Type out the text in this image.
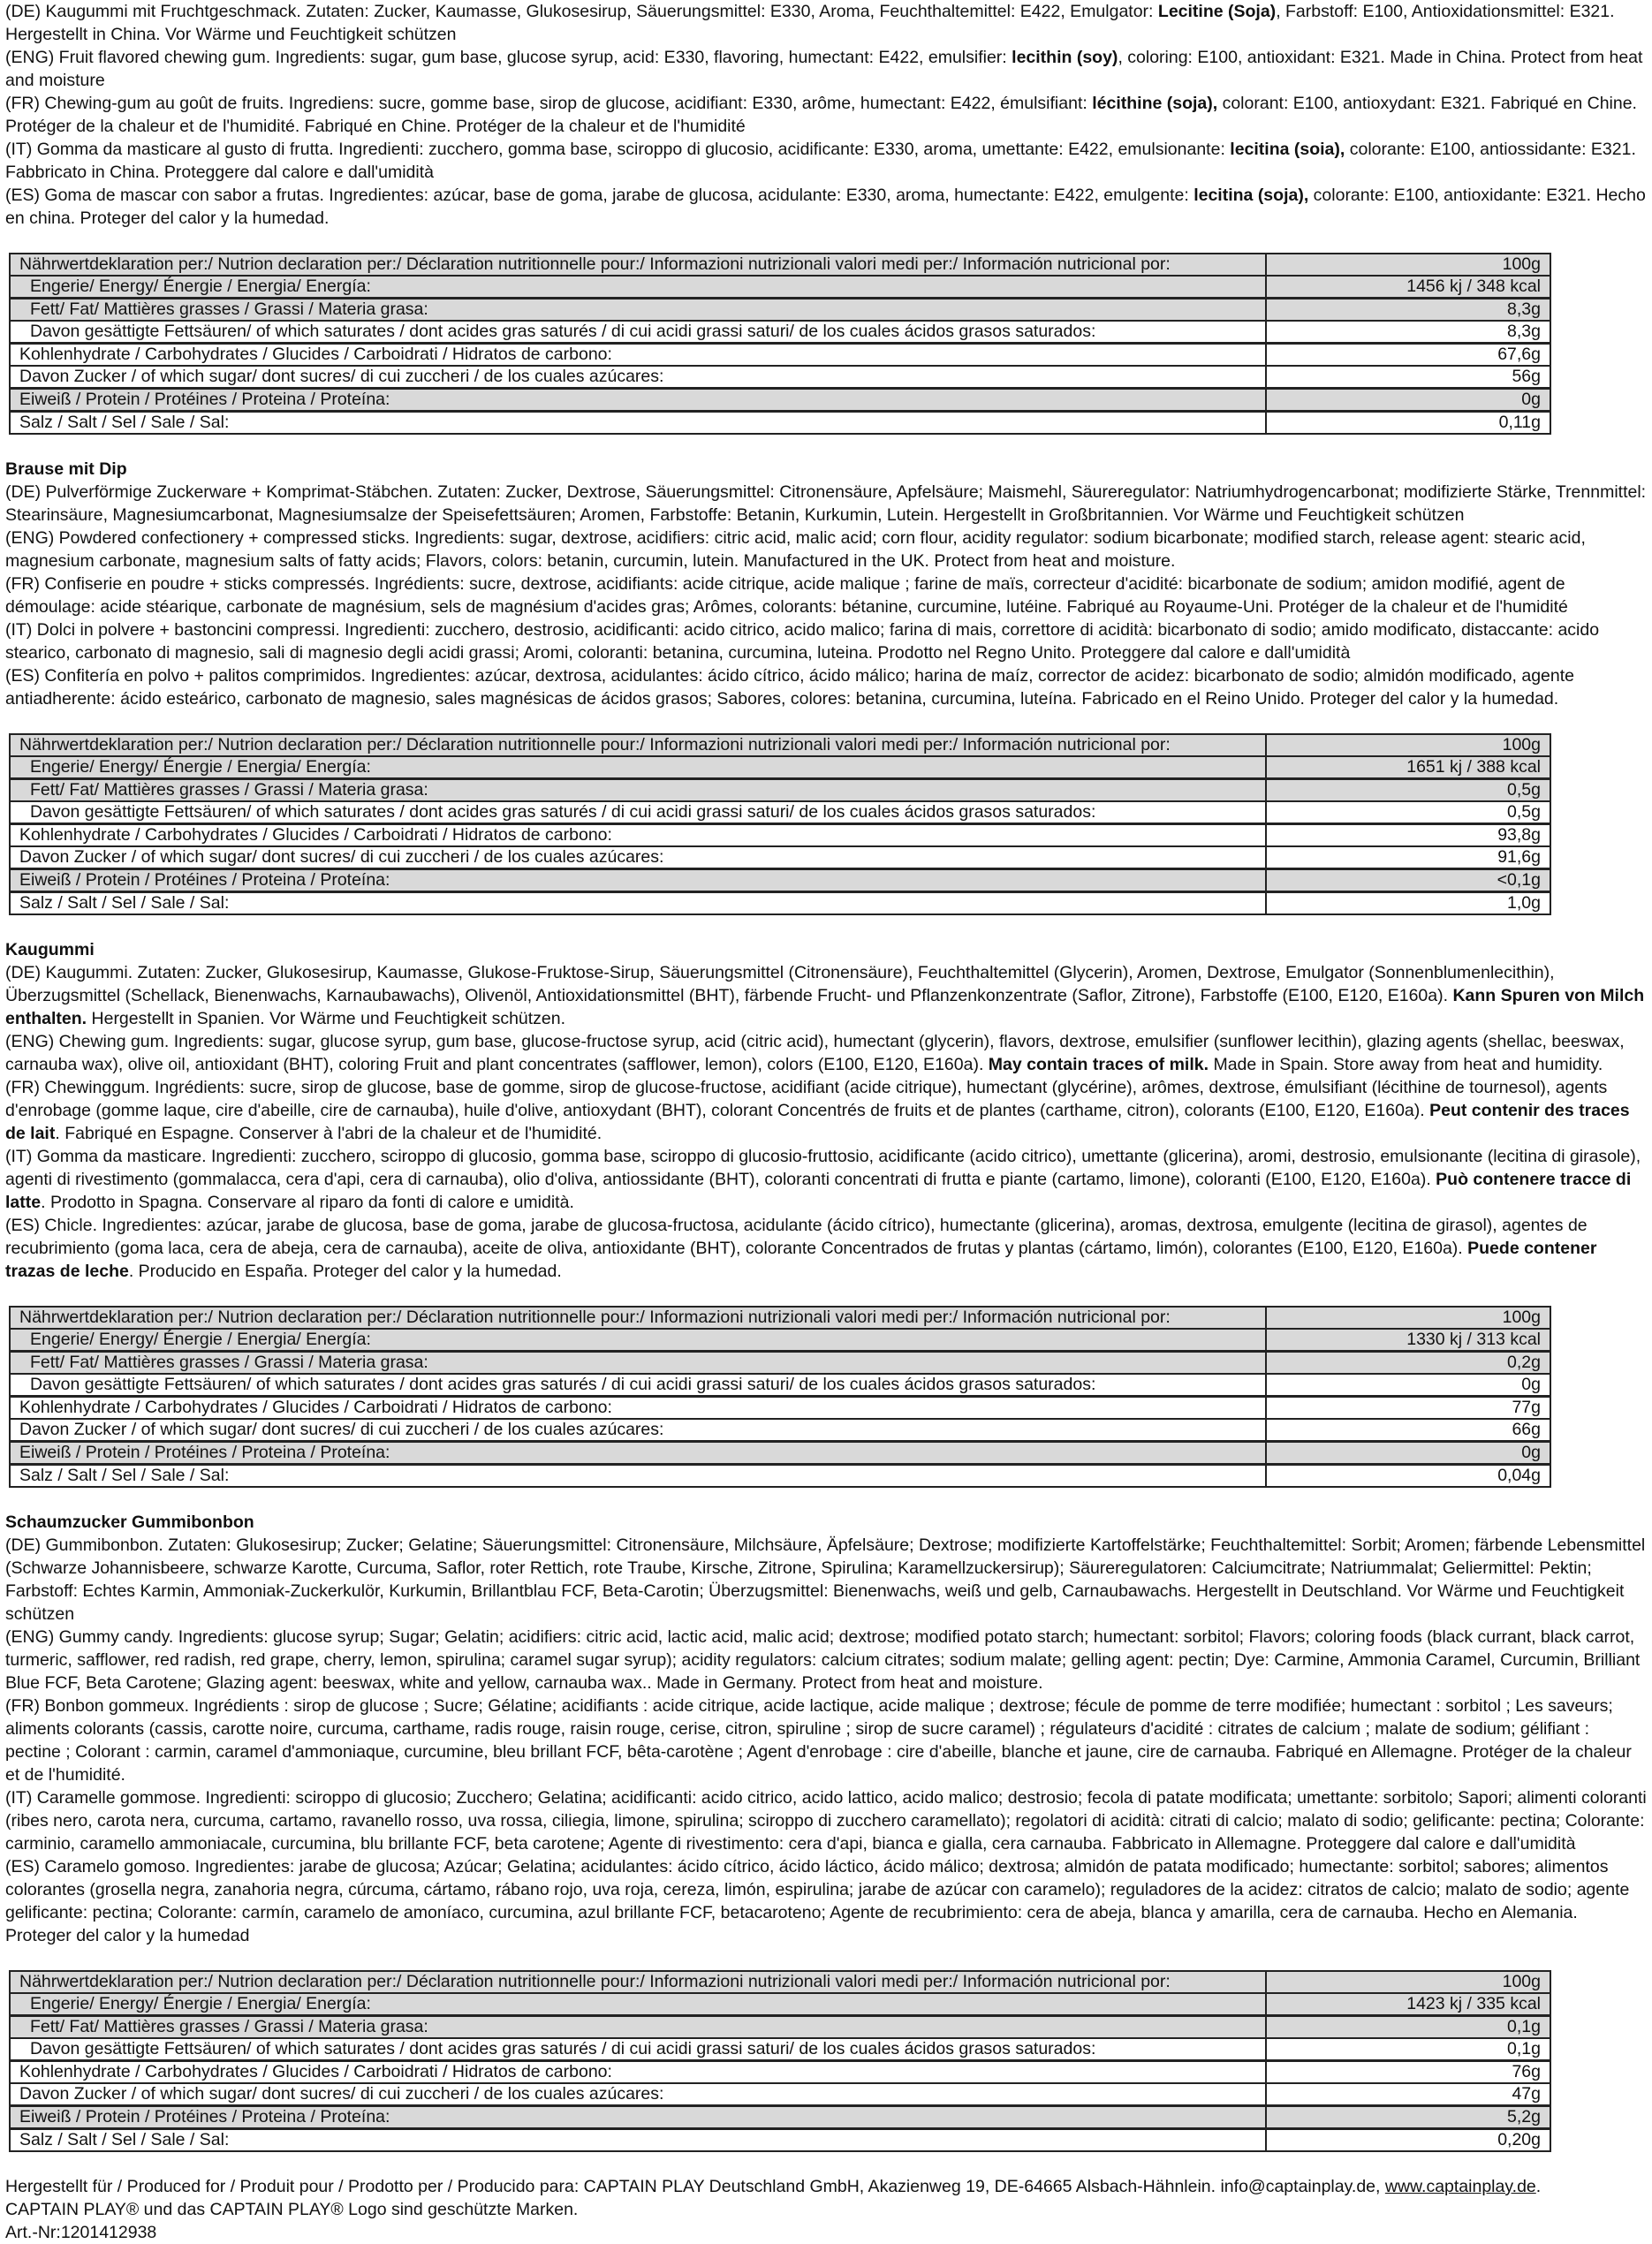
(DE) Kaugummi mit Fruchtgeschmack. Zutaten: Zucker, Kaumasse, Glukosesirup, Säuerungsmittel: E330, Aroma, Feuchthaltemittel: E422, Emulgator: Lecitine (Soja), Farbstoff: E100, Antioxidationsmittel: E321. Hergestellt in China. Vor Wärme und Feuchtigkeit schützen
(ENG) Fruit flavored chewing gum. Ingredients: sugar, gum base, glucose syrup, acid: E330, flavoring, humectant: E422, emulsifier: lecithin (soy), coloring: E100, antioxidant: E321. Made in China. Protect from heat and moisture
(FR) Chewing-gum au goût de fruits. Ingrediens: sucre, gomme base, sirop de glucose, acidifiant: E330, arôme, humectant: E422, émulsifiant: lécithine (soja), colorant: E100, antioxydant: E321. Fabriqué en Chine. Protéger de la chaleur et de l'humidité. Fabriqué en Chine. Protéger de la chaleur et de l'humidité
(IT) Gomma da masticare al gusto di frutta. Ingredienti: zucchero, gomma base, sciroppo di glucosio, acidificante: E330, aroma, umettante: E422, emulsionante: lecitina (soia), colorante: E100, antiossidante: E321. Fabbricato in China. Proteggere dal calore e dall'umidità
(ES) Goma de mascar con sabor a frutas. Ingredientes: azúcar, base de goma, jarabe de glucosa, acidulante: E330, aroma, humectante: E422, emulgente: lecitina (soja), colorante: E100, antioxidante: E321. Hecho en china. Proteger del calor y la humedad.
Nährwertdeklaration per:/ Nutrion declaration per:/ Déclaration nutritionnelle pour:/ Informazioni nutrizionali valori medi per:/ Información nutricional por:	100g
Engerie/ Energy/ Énergie / Energia/ Energía:	1456 kj / 348 kcal
Fett/ Fat/ Mattières grasses / Grassi / Materia grasa:	8,3g
Davon gesättigte Fettsäuren/ of which saturates / dont acides gras saturés / di cui acidi grassi saturi/ de los cuales ácidos grasos saturados:	8,3g
Kohlenhydrate / Carbohydrates / Glucides / Carboidrati / Hidratos de carbono:	67,6g
Davon Zucker / of which sugar/ dont sucres/ di cui zuccheri / de los cuales azúcares:	56g
Eiweiß / Protein / Protéines / Proteina / Proteína:	0g
Salz / Salt / Sel / Sale / Sal:	0,11g
Brause mit Dip
(DE) Pulverförmige Zuckerware + Komprimat-Stäbchen. Zutaten: Zucker, Dextrose, Säuerungsmittel: Citronensäure, Apfelsäure; Maismehl, Säureregulator: Natriumhydrogencarbonat; modifizierte Stärke, Trennmittel: Stearinsäure, Magnesiumcarbonat, Magnesiumsalze der Speisefettsäuren; Aromen, Farbstoffe: Betanin, Kurkumin, Lutein. Hergestellt in Großbritannien. Vor Wärme und Feuchtigkeit schützen
(ENG) Powdered confectionery + compressed sticks. Ingredients: sugar, dextrose, acidifiers: citric acid, malic acid; corn flour, acidity regulator: sodium bicarbonate; modified starch, release agent: stearic acid, magnesium carbonate, magnesium salts of fatty acids; Flavors, colors: betanin, curcumin, lutein. Manufactured in the UK. Protect from heat and moisture.
(FR) Confiserie en poudre + sticks compressés. Ingrédients: sucre, dextrose, acidifiants: acide citrique, acide malique ; farine de maïs, correcteur d'acidité: bicarbonate de sodium; amidon modifié, agent de démoulage: acide stéarique, carbonate de magnésium, sels de magnésium d'acides gras; Arômes, colorants: bétanine, curcumine, lutéine. Fabriqué au Royaume-Uni. Protéger de la chaleur et de l'humidité
(IT) Dolci in polvere + bastoncini compressi. Ingredienti: zucchero, destrosio, acidificanti: acido citrico, acido malico; farina di mais, correttore di acidità: bicarbonato di sodio; amido modificato, distaccante: acido stearico, carbonato di magnesio, sali di magnesio degli acidi grassi; Aromi, coloranti: betanina, curcumina, luteina. Prodotto nel Regno Unito. Proteggere dal calore e dall'umidità
(ES) Confitería en polvo + palitos comprimidos. Ingredientes: azúcar, dextrosa, acidulantes: ácido cítrico, ácido málico; harina de maíz, corrector de acidez: bicarbonato de sodio; almidón modificado, agente antiadherente: ácido esteárico, carbonato de magnesio, sales magnésicas de ácidos grasos; Sabores, colores: betanina, curcumina, luteína. Fabricado en el Reino Unido. Proteger del calor y la humedad.
Nährwertdeklaration per:/ Nutrion declaration per:/ Déclaration nutritionnelle pour:/ Informazioni nutrizionali valori medi per:/ Información nutricional por:	100g
Engerie/ Energy/ Énergie / Energia/ Energía:	1651 kj / 388 kcal
Fett/ Fat/ Mattières grasses / Grassi / Materia grasa:	0,5g
Davon gesättigte Fettsäuren/ of which saturates / dont acides gras saturés / di cui acidi grassi saturi/ de los cuales ácidos grasos saturados:	0,5g
Kohlenhydrate / Carbohydrates / Glucides / Carboidrati / Hidratos de carbono:	93,8g
Davon Zucker / of which sugar/ dont sucres/ di cui zuccheri / de los cuales azúcares:	91,6g
Eiweiß / Protein / Protéines / Proteina / Proteína:	<0,1g
Salz / Salt / Sel / Sale / Sal:	1,0g
Kaugummi
(DE) Kaugummi. Zutaten: Zucker, Glukosesirup, Kaumasse, Glukose-Fruktose-Sirup, Säuerungsmittel (Citronensäure), Feuchthaltemittel (Glycerin), Aromen, Dextrose, Emulgator (Sonnenblumenlecithin), Überzugsmittel (Schellack, Bienenwachs, Karnaubawachs), Olivenöl, Antioxidationsmittel (BHT), färbende Frucht- und Pflanzenkonzentrate (Saflor, Zitrone), Farbstoffe (E100, E120, E160a). Kann Spuren von Milch enthalten. Hergestellt in Spanien. Vor Wärme und Feuchtigkeit schützen.
(ENG) Chewing gum. Ingredients: sugar, glucose syrup, gum base, glucose-fructose syrup, acid (citric acid), humectant (glycerin), flavors, dextrose, emulsifier (sunflower lecithin), glazing agents (shellac, beeswax, carnauba wax), olive oil, antioxidant (BHT), coloring Fruit and plant concentrates (safflower, lemon), colors (E100, E120, E160a). May contain traces of milk. Made in Spain. Store away from heat and humidity.
(FR) Chewinggum. Ingrédients: sucre, sirop de glucose, base de gomme, sirop de glucose-fructose, acidifiant (acide citrique), humectant (glycérine), arômes, dextrose, émulsifiant (lécithine de tournesol), agents d'enrobage (gomme laque, cire d'abeille, cire de carnauba), huile d'olive, antioxydant (BHT), colorant Concentrés de fruits et de plantes (carthame, citron), colorants (E100, E120, E160a). Peut contenir des traces de lait. Fabriqué en Espagne. Conserver à l'abri de la chaleur et de l'humidité.
(IT) Gomma da masticare. Ingredienti: zucchero, sciroppo di glucosio, gomma base, sciroppo di glucosio-fruttosio, acidificante (acido citrico), umettante (glicerina), aromi, destrosio, emulsionante (lecitina di girasole), agenti di rivestimento (gommalacca, cera d'api, cera di carnauba), olio d'oliva, antiossidante (BHT), coloranti concentrati di frutta e piante (cartamo, limone), coloranti (E100, E120, E160a). Può contenere tracce di latte. Prodotto in Spagna. Conservare al riparo da fonti di calore e umidità.
(ES) Chicle. Ingredientes: azúcar, jarabe de glucosa, base de goma, jarabe de glucosa-fructosa, acidulante (ácido cítrico), humectante (glicerina), aromas, dextrosa, emulgente (lecitina de girasol), agentes de recubrimiento (goma laca, cera de abeja, cera de carnauba), aceite de oliva, antioxidante (BHT), colorante Concentrados de frutas y plantas (cártamo, limón), colorantes (E100, E120, E160a). Puede contener trazas de leche. Producido en España. Proteger del calor y la humedad.
Nährwertdeklaration per:/ Nutrion declaration per:/ Déclaration nutritionnelle pour:/ Informazioni nutrizionali valori medi per:/ Información nutricional por:	100g
Engerie/ Energy/ Énergie / Energia/ Energía:	1330 kj / 313 kcal
Fett/ Fat/ Mattières grasses / Grassi / Materia grasa:	0,2g
Davon gesättigte Fettsäuren/ of which saturates / dont acides gras saturés / di cui acidi grassi saturi/ de los cuales ácidos grasos saturados:	0g
Kohlenhydrate / Carbohydrates / Glucides / Carboidrati / Hidratos de carbono:	77g
Davon Zucker / of which sugar/ dont sucres/ di cui zuccheri / de los cuales azúcares:	66g
Eiweiß / Protein / Protéines / Proteina / Proteína:	0g
Salz / Salt / Sel / Sale / Sal:	0,04g
Schaumzucker Gummibonbon
(DE) Gummibonbon. Zutaten: Glukosesirup; Zucker; Gelatine; Säuerungsmittel: Citronensäure, Milchsäure, Äpfelsäure; Dextrose; modifizierte Kartoffelstärke; Feuchthaltemittel: Sorbit; Aromen; färbende Lebensmittel (Schwarze Johannisbeere, schwarze Karotte, Curcuma, Saflor, roter Rettich, rote Traube, Kirsche, Zitrone, Spirulina; Karamellzuckersirup); Säureregulatoren: Calciumcitrate; Natriummalat; Geliermittel: Pektin; Farbstoff: Echtes Karmin, Ammoniak-Zuckerkulör, Kurkumin, Brillantblau FCF, Beta-Carotin; Überzugsmittel: Bienenwachs, weiß und gelb, Carnaubawachs. Hergestellt in Deutschland. Vor Wärme und Feuchtigkeit schützen
(ENG) Gummy candy. Ingredients: glucose syrup; Sugar; Gelatin; acidifiers: citric acid, lactic acid, malic acid; dextrose; modified potato starch; humectant: sorbitol; Flavors; coloring foods (black currant, black carrot, turmeric, safflower, red radish, red grape, cherry, lemon, spirulina; caramel sugar syrup); acidity regulators: calcium citrates; sodium malate; gelling agent: pectin; Dye: Carmine, Ammonia Caramel, Curcumin, Brilliant Blue FCF, Beta Carotene; Glazing agent: beeswax, white and yellow, carnauba wax.. Made in Germany. Protect from heat and moisture.
(FR) Bonbon gommeux. Ingrédients : sirop de glucose ; Sucre; Gélatine; acidifiants : acide citrique, acide lactique, acide malique ; dextrose; fécule de pomme de terre modifiée; humectant : sorbitol ; Les saveurs; aliments colorants (cassis, carotte noire, curcuma, carthame, radis rouge, raisin rouge, cerise, citron, spiruline ; sirop de sucre caramel) ; régulateurs d'acidité : citrates de calcium ; malate de sodium; gélifiant : pectine ; Colorant : carmin, caramel d'ammoniaque, curcumine, bleu brillant FCF, bêta-carotène ; Agent d'enrobage : cire d'abeille, blanche et jaune, cire de carnauba. Fabriqué en Allemagne. Protéger de la chaleur et de l'humidité.
(IT) Caramelle gommose. Ingredienti: sciroppo di glucosio; Zucchero; Gelatina; acidificanti: acido citrico, acido lattico, acido malico; destrosio; fecola di patate modificata; umettante: sorbitolo; Sapori; alimenti coloranti (ribes nero, carota nera, curcuma, cartamo, ravanello rosso, uva rossa, ciliegia, limone, spirulina; sciroppo di zucchero caramellato); regolatori di acidità: citrati di calcio; malato di sodio; gelificante: pectina; Colorante: carminio, caramello ammoniacale, curcumina, blu brillante FCF, beta carotene; Agente di rivestimento: cera d'api, bianca e gialla, cera carnauba. Fabbricato in Allemagne. Proteggere dal calore e dall'umidità
(ES) Caramelo gomoso. Ingredientes: jarabe de glucosa; Azúcar; Gelatina; acidulantes: ácido cítrico, ácido láctico, ácido málico; dextrosa; almidón de patata modificado; humectante: sorbitol; sabores; alimentos colorantes (grosella negra, zanahoria negra, cúrcuma, cártamo, rábano rojo, uva roja, cereza, limón, espirulina; jarabe de azúcar con caramelo); reguladores de la acidez: citratos de calcio; malato de sodio; agente gelificante: pectina; Colorante: carmín, caramelo de amoníaco, curcumina, azul brillante FCF, betacaroteno; Agente de recubrimiento: cera de abeja, blanca y amarilla, cera de carnauba. Hecho en Alemania. Proteger del calor y la humedad
Nährwertdeklaration per:/ Nutrion declaration per:/ Déclaration nutritionnelle pour:/ Informazioni nutrizionali valori medi per:/ Información nutricional por:	100g
Engerie/ Energy/ Énergie / Energia/ Energía:	1423 kj / 335 kcal
Fett/ Fat/ Mattières grasses / Grassi / Materia grasa:	0,1g
Davon gesättigte Fettsäuren/ of which saturates / dont acides gras saturés / di cui acidi grassi saturi/ de los cuales ácidos grasos saturados:	0,1g
Kohlenhydrate / Carbohydrates / Glucides / Carboidrati / Hidratos de carbono:	76g
Davon Zucker / of which sugar/ dont sucres/ di cui zuccheri / de los cuales azúcares:	47g
Eiweiß / Protein / Protéines / Proteina / Proteína:	5,2g
Salz / Salt / Sel / Sale / Sal:	0,20g
Hergestellt für / Produced for / Produit pour / Prodotto per / Producido para: CAPTAIN PLAY Deutschland GmbH, Akazienweg 19, DE-64665 Alsbach-Hähnlein. info@captainplay.de, www.captainplay.de.
CAPTAIN PLAY® und das CAPTAIN PLAY® Logo sind geschützte Marken.
Art.-Nr:1201412938
